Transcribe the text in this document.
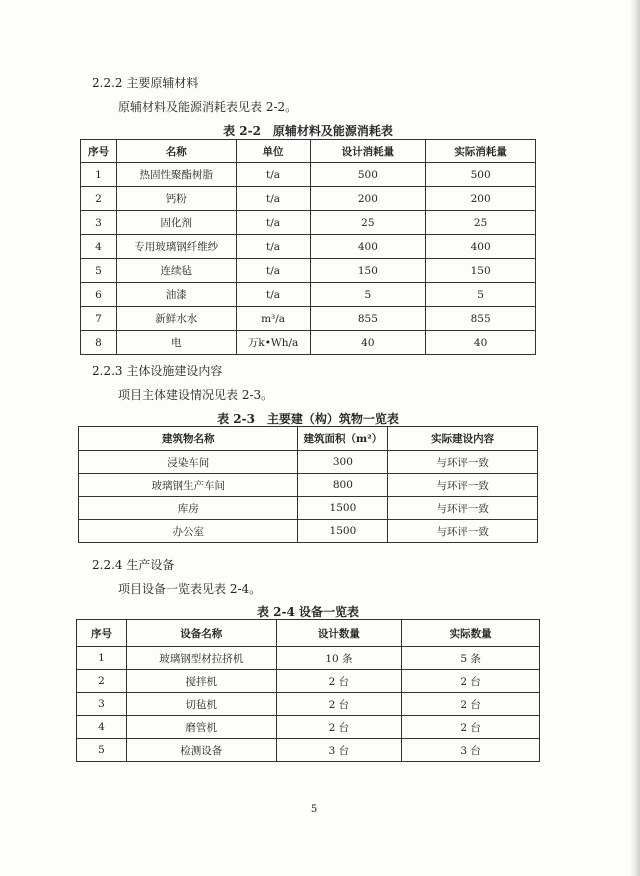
2.2.2 主要原辅材料
原辅材料及能源消耗表见表 2-2。
表 2-2　原辅材料及能源消耗表
序号	名称	单位	设计消耗量	实际消耗量
1	热固性聚酯树脂	t/a	500	500
2	钙粉	t/a	200	200
3	固化剂	t/a	25	25
4	专用玻璃钢纤维纱	t/a	400	400
5	连续毡	t/a	150	150
6	油漆	t/a	5	5
7	新鲜水水	m³/a	855	855
8	电	万k•Wh/a	40	40
2.2.3 主体设施建设内容
项目主体建设情况见表 2-3。
表 2-3　主要建（构）筑物一览表
建筑物名称	建筑面积（m²）	实际建设内容
浸染车间	300	与环评一致
玻璃钢生产车间	800	与环评一致
库房	1500	与环评一致
办公室	1500	与环评一致
2.2.4 生产设备
项目设备一览表见表 2-4。
表 2-4 设备一览表
序号	设备名称	设计数量	实际数量
1	玻璃钢型材拉挤机	10 条	5 条
2	搅拌机	2 台	2 台
3	切毡机	2 台	2 台
4	磨管机	2 台	2 台
5	检测设备	3 台	3 台
5
